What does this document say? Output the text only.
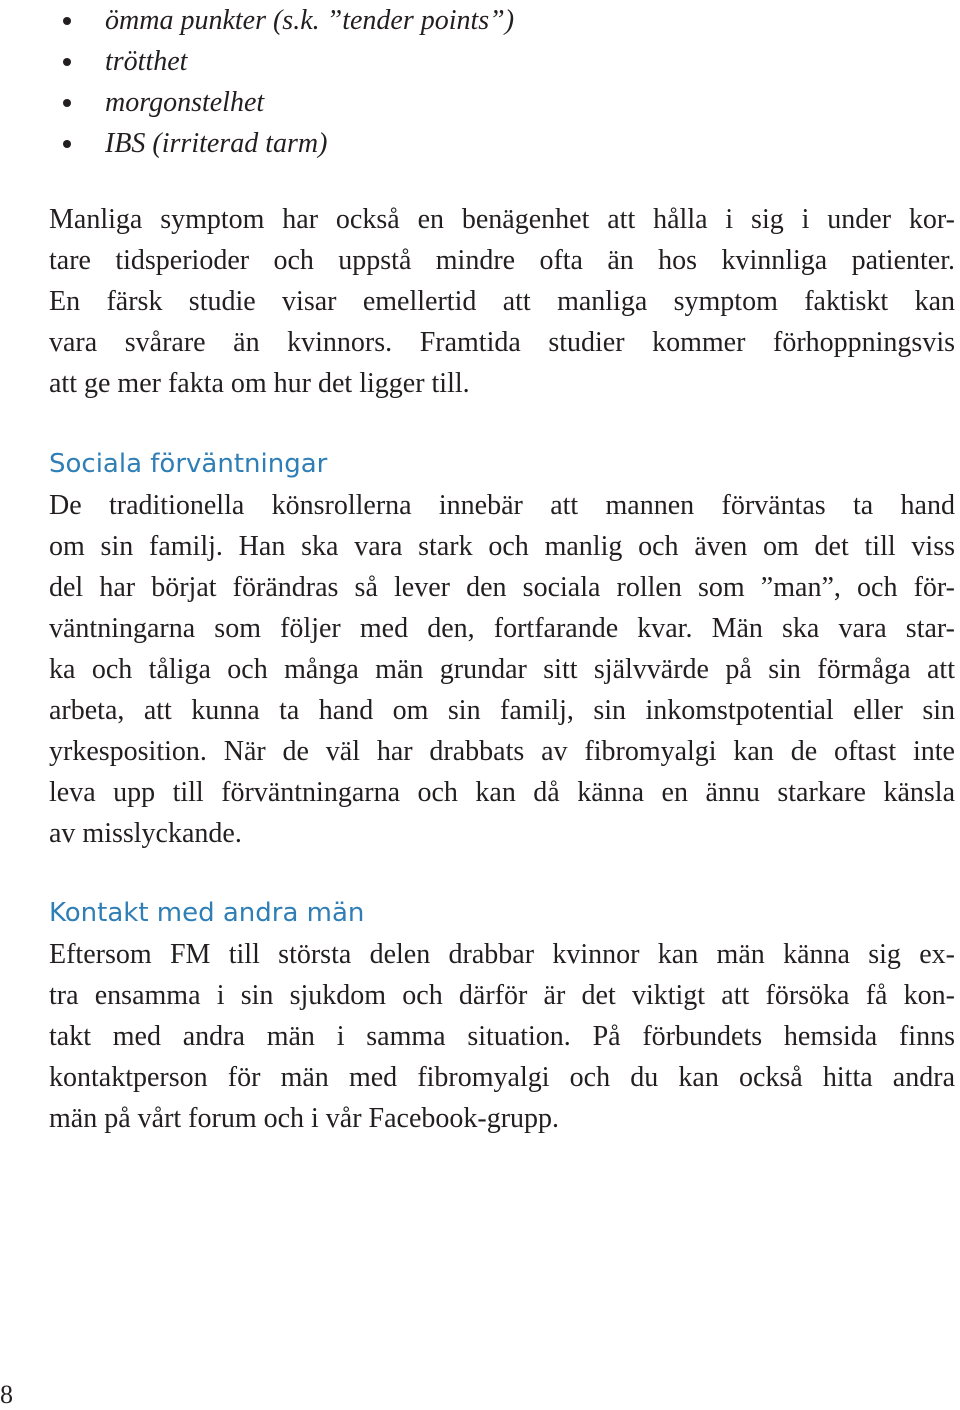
ömma punkter (s.k. ”tender points”)
trötthet
morgonstelhet
IBS (irriterad tarm)

Manliga symptom har också en benägenhet att hålla i sig i under kor-
tare tidsperioder och uppstå mindre ofta än hos kvinnliga patienter.
En färsk studie visar emellertid att manliga symptom faktiskt kan
vara svårare än kvinnors. Framtida studier kommer förhoppningsvis
att ge mer fakta om hur det ligger till.

Sociala förväntningar

De traditionella könsrollerna innebär att mannen förväntas ta hand
om sin familj. Han ska vara stark och manlig och även om det till viss
del har börjat förändras så lever den sociala rollen som ”man”, och för-
väntningarna som följer med den, fortfarande kvar. Män ska vara star-
ka och tåliga och många män grundar sitt självvärde på sin förmåga att
arbeta, att kunna ta hand om sin familj, sin inkomstpotential eller sin
yrkesposition. När de väl har drabbats av fibromyalgi kan de oftast inte
leva upp till förväntningarna och kan då känna en ännu starkare känsla
av misslyckande.

Kontakt med andra män

Eftersom FM till största delen drabbar kvinnor kan män känna sig ex-
tra ensamma i sin sjukdom och därför är det viktigt att försöka få kon-
takt med andra män i samma situation. På förbundets hemsida finns
kontaktperson för män med fibromyalgi och du kan också hitta andra
män på vårt forum och i vår Facebook-grupp.

8
